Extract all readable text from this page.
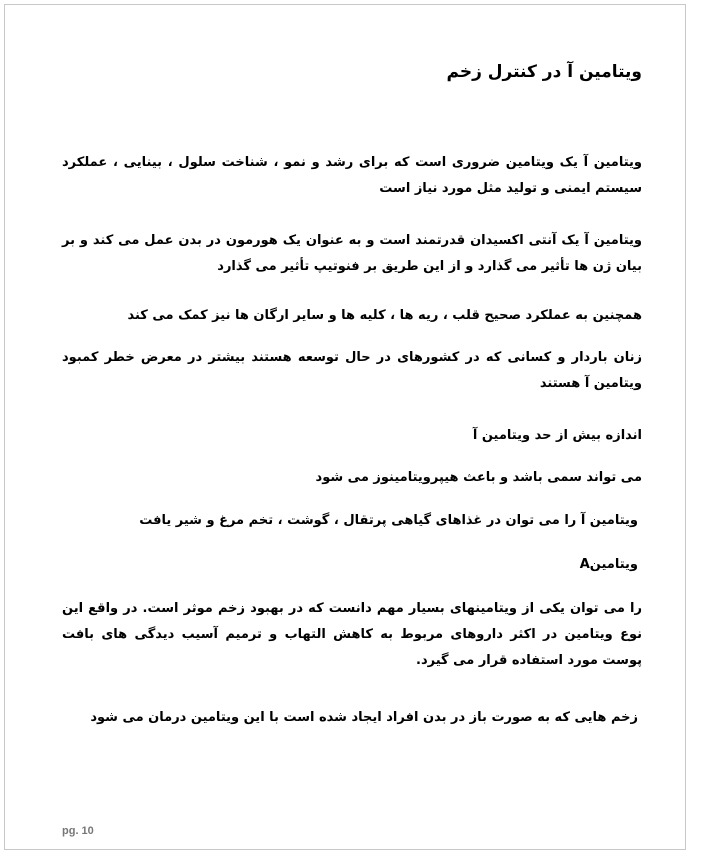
ویتامین آ در کنترل زخم
ویتامین آ یک ویتامین ضروری است که برای رشد و نمو ، شناخت سلول ، بینایی ، عملکرد سیستم ایمنی و تولید مثل مورد نیاز است
ویتامین آ یک آنتی اکسیدان قدرتمند است و به عنوان یک هورمون در بدن عمل می کند و بر بیان ژن ها تأثیر می گذارد و از این طریق بر فنوتیپ تأثیر می گذارد
همچنین به عملکرد صحیح قلب ، ریه ها ، کلیه ها و سایر ارگان ها نیز کمک می کند
زنان باردار و کسانی که در کشورهای در حال توسعه هستند بیشتر در معرض خطر کمبود ویتامین آ هستند
اندازه بیش از حد ویتامین آ
می تواند سمی باشد و باعث هیپرویتامینوز می شود
ویتامین آ را می توان در غذاهای گیاهی پرتقال ، گوشت ، تخم مرغ و شیر یافت
ویتامینA
را می توان یکی از ویتامینهای بسیار مهم دانست که در بهبود زخم موثر است. در واقع این نوع ویتامین در اکثر داروهای مربوط به کاهش التهاب و ترمیم آسیب دیدگی های بافت پوست مورد استفاده قرار می گیرد.
زخم هایی که به صورت باز در بدن افراد ایجاد شده است با این ویتامین درمان می شود
pg. 10
